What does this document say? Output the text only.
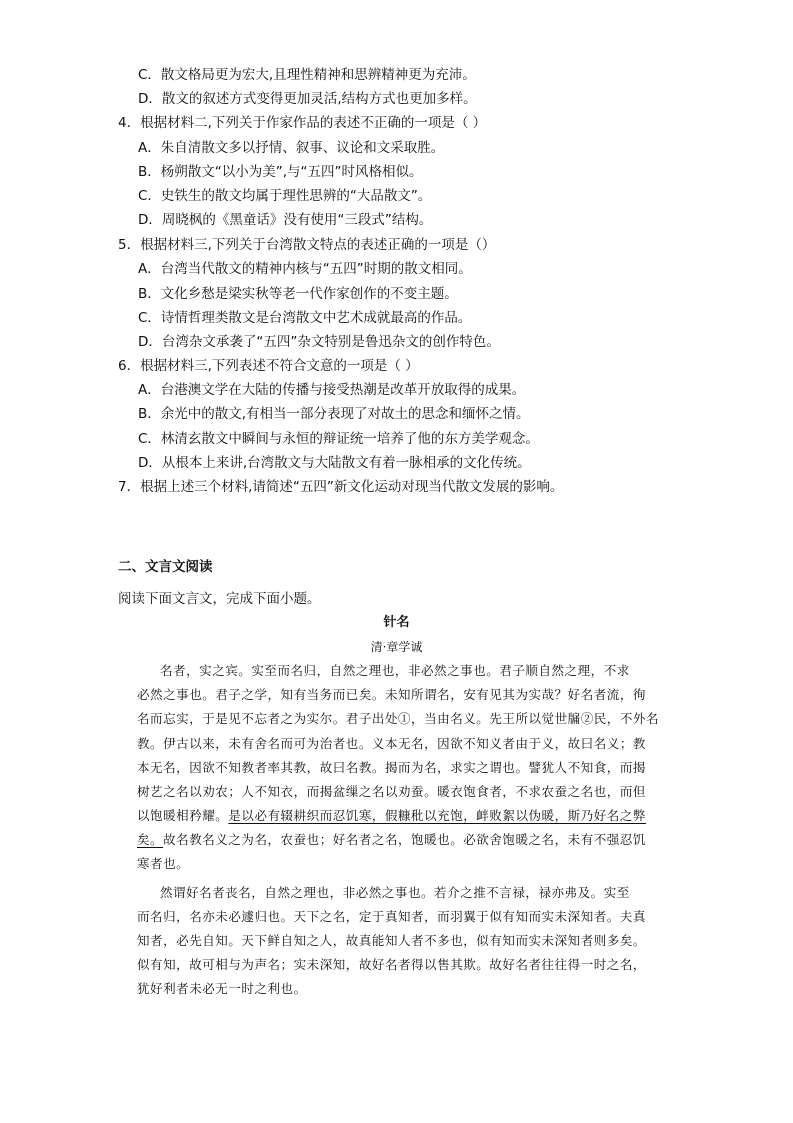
C．散文格局更为宏大,且理性精神和思辨精神更为充沛。
D．散文的叙述方式变得更加灵活,结构方式也更加多样。
4．根据材料二,下列关于作家作品的表述不正确的一项是（ ）
A．朱自清散文多以抒情、叙事、议论和文采取胜。
B．杨朔散文“以小为美”,与“五四”时风格相似。
C．史铁生的散文均属于理性思辨的“大品散文”。
D．周晓枫的《黑童话》没有使用“三段式”结构。
5．根据材料三,下列关于台湾散文特点的表述正确的一项是（）
A．台湾当代散文的精神内核与“五四”时期的散文相同。
B．文化乡愁是梁实秋等老一代作家创作的不变主题。
C．诗情哲理类散文是台湾散文中艺术成就最高的作品。
D．台湾杂文承袭了“五四”杂文特别是鲁迅杂文的创作特色。
6．根据材料三,下列表述不符合文意的一项是（ ）
A．台港澳文学在大陆的传播与接受热潮是改革开放取得的成果。
B．余光中的散文,有相当一部分表现了对故土的思念和缅怀之情。
C．林清玄散文中瞬间与永恒的辩证统一培养了他的东方美学观念。
D．从根本上来讲,台湾散文与大陆散文有着一脉相承的文化传统。
7．根据上述三个材料,请简述“五四”新文化运动对现当代散文发展的影响。
二、文言文阅读
阅读下面文言文，完成下面小题。
针名
清·章学诚
名者，实之宾。实至而名归，自然之理也，非必然之事也。君子顺自然之理，不求
必然之事也。君子之学，知有当务而已矣。未知所谓名，安有见其为实哉？好名者流，徇
名而忘实，于是见不忘者之为实尔。君子出处①，当由名义。先王所以觉世牖②民，不外名
教。伊古以来，未有舍名而可为治者也。义本无名，因欲不知义者由于义，故曰名义；教
本无名，因欲不知教者率其教，故曰名教。揭而为名，求实之谓也。譬犹人不知食，而揭
树艺之名以劝农；人不知衣，而揭盆缫之名以劝蚕。暖衣饱食者，不求农蚕之名也，而但
以饱暖相矜耀。是以必有辍耕织而忍饥寒，假糠秕以充饱，衅败絮以伪暖，斯乃好名之弊
矣。故名教名义之为名，农蚕也；好名者之名，饱暖也。必欲舍饱暖之名，未有不强忍饥
寒者也。
然谓好名者丧名，自然之理也，非必然之事也。若介之推不言禄，禄亦弗及。实至
而名归，名亦未必遽归也。天下之名，定于真知者，而羽翼于似有知而实未深知者。夫真
知者，必先自知。天下鲜自知之人，故真能知人者不多也，似有知而实未深知者则多矣。
似有知，故可相与为声名；实未深知，故好名者得以售其欺。故好名者往往得一时之名，
犹好利者未必无一时之利也。
